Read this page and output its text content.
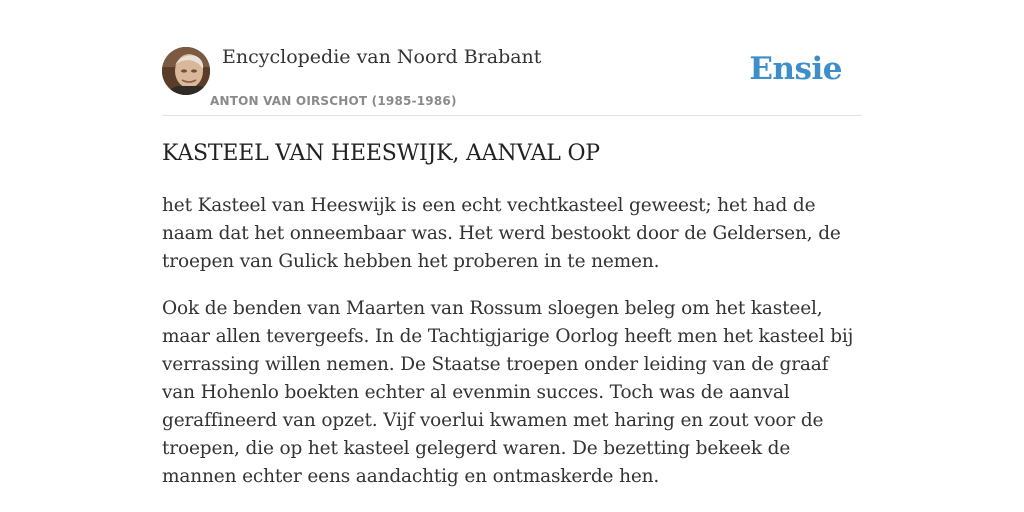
Encyclopedie van Noord Brabant
ANTON VAN OIRSCHOT (1985-1986)
Ensie
KASTEEL VAN HEESWIJK, AANVAL OP

het Kasteel van Heeswijk is een echt vechtkasteel geweest; het had de naam dat het onneembaar was. Het werd bestookt door de Geldersen, de troepen van Gulick hebben het proberen in te nemen.

Ook de benden van Maarten van Rossum sloegen beleg om het kasteel, maar allen tevergeefs. In de Tachtigjarige Oorlog heeft men het kasteel bij verrassing willen nemen. De Staatse troepen onder leiding van de graaf van Hohenlo boekten echter al evenmin succes. Toch was de aanval geraffineerd van opzet. Vijf voerlui kwamen met haring en zout voor de troepen, die op het kasteel gelegerd waren. De bezetting bekeek de mannen echter eens aandachtig en ontmaskerde hen.
